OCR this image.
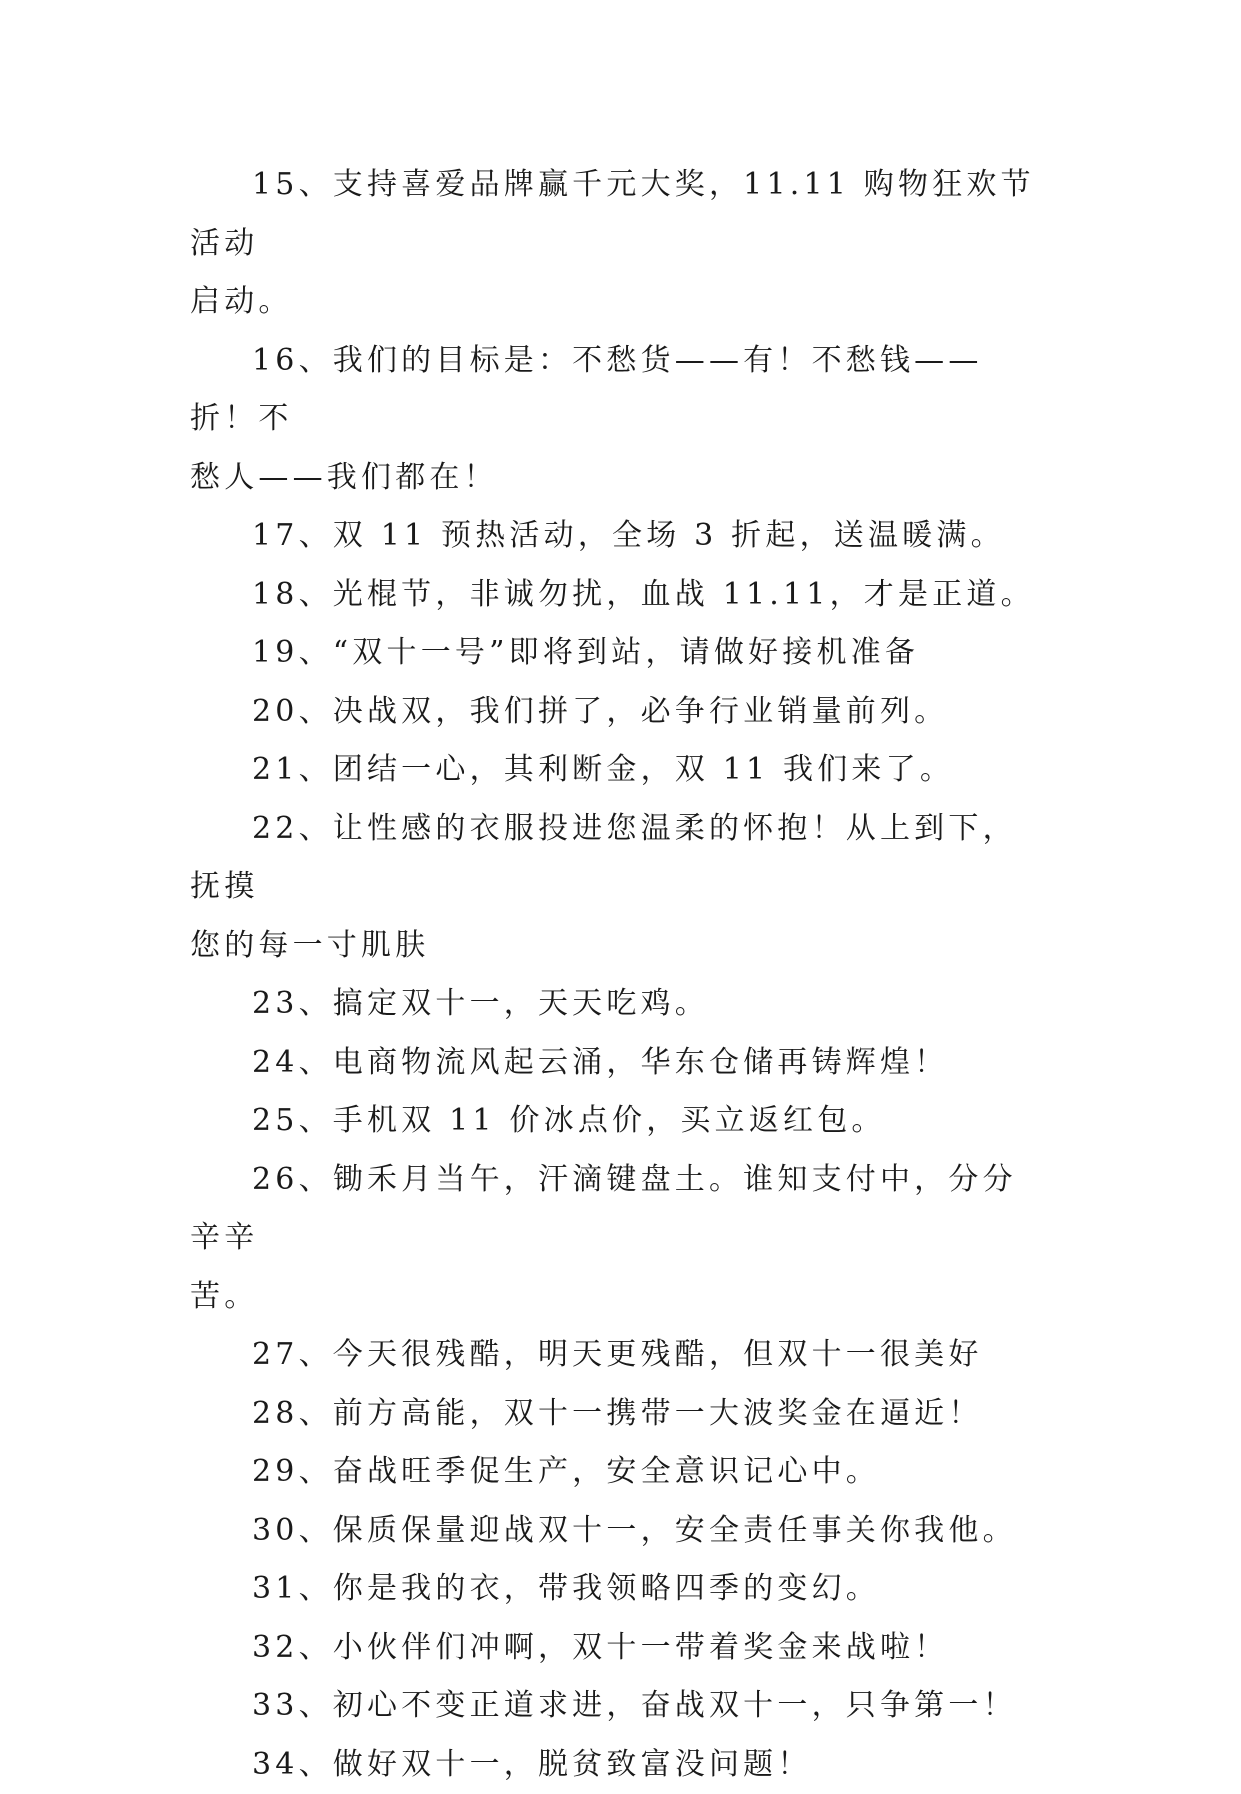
15、支持喜爱品牌赢千元大奖，11.11 购物狂欢节活动
启动。

16、我们的目标是：不愁货——有！不愁钱——折！不
愁人——我们都在！

17、双 11 预热活动，全场 3 折起，送温暖满。

18、光棍节，非诚勿扰，血战 11.11，才是正道。

19、“双十一号”即将到站，请做好接机准备

20、决战双，我们拼了，必争行业销量前列。

21、团结一心，其利断金，双 11 我们来了。

22、让性感的衣服投进您温柔的怀抱！从上到下，抚摸
您的每一寸肌肤

23、搞定双十一，天天吃鸡。

24、电商物流风起云涌，华东仓储再铸辉煌！

25、手机双 11 价冰点价，买立返红包。

26、锄禾月当午，汗滴键盘土。谁知支付中，分分辛辛
苦。

27、今天很残酷，明天更残酷，但双十一很美好

28、前方高能，双十一携带一大波奖金在逼近！

29、奋战旺季促生产，安全意识记心中。

30、保质保量迎战双十一，安全责任事关你我他。

31、你是我的衣，带我领略四季的变幻。

32、小伙伴们冲啊，双十一带着奖金来战啦！

33、初心不变正道求进，奋战双十一，只争第一！

34、做好双十一，脱贫致富没问题！
